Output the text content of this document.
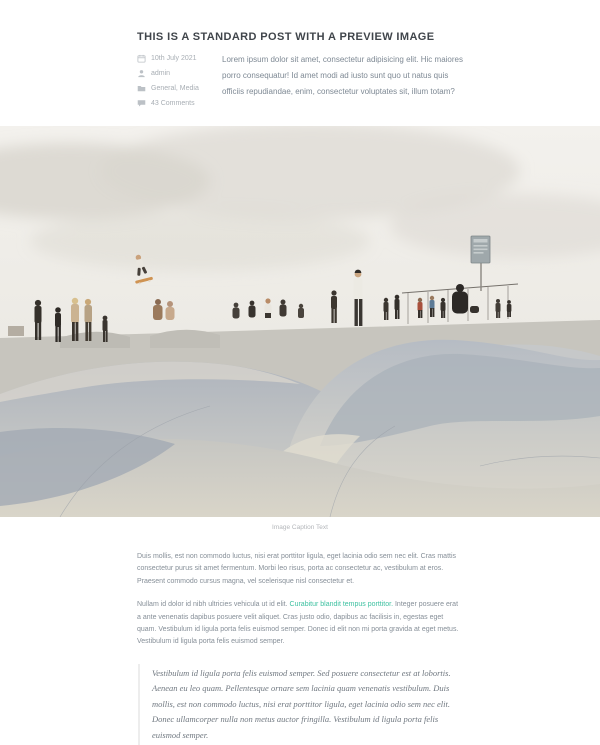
THIS IS A STANDARD POST WITH A PREVIEW IMAGE
10th July 2021
admin
General, Media
43 Comments

Lorem ipsum dolor sit amet, consectetur adipisicing elit. Hic maiores porro consequatur! Id amet modi ad iusto sunt quo ut natus quis officiis repudiandae, enim, consectetur voluptates sit, illum totam?

Image Caption Text

Duis mollis, est non commodo luctus, nisi erat porttitor ligula, eget lacinia odio sem nec elit. Cras mattis consectetur purus sit amet fermentum. Morbi leo risus, porta ac consectetur ac, vestibulum at eros. Praesent commodo cursus magna, vel scelerisque nisl consectetur et.

Nullam id dolor id nibh ultricies vehicula ut id elit. Curabitur blandit tempus porttitor. Integer posuere erat a ante venenatis dapibus posuere velit aliquet. Cras justo odio, dapibus ac facilisis in, egestas eget quam. Vestibulum id ligula porta felis euismod semper. Donec id elit non mi porta gravida at eget metus. Vestibulum id ligula porta felis euismod semper.

Vestibulum id ligula porta felis euismod semper. Sed posuere consectetur est at lobortis. Aenean eu leo quam. Pellentesque ornare sem lacinia quam venenatis vestibulum. Duis mollis, est non commodo luctus, nisi erat porttitor ligula, eget lacinia odio sem nec elit. Donec ullamcorper nulla non metus auctor fringilla. Vestibulum id ligula porta felis euismod semper.
